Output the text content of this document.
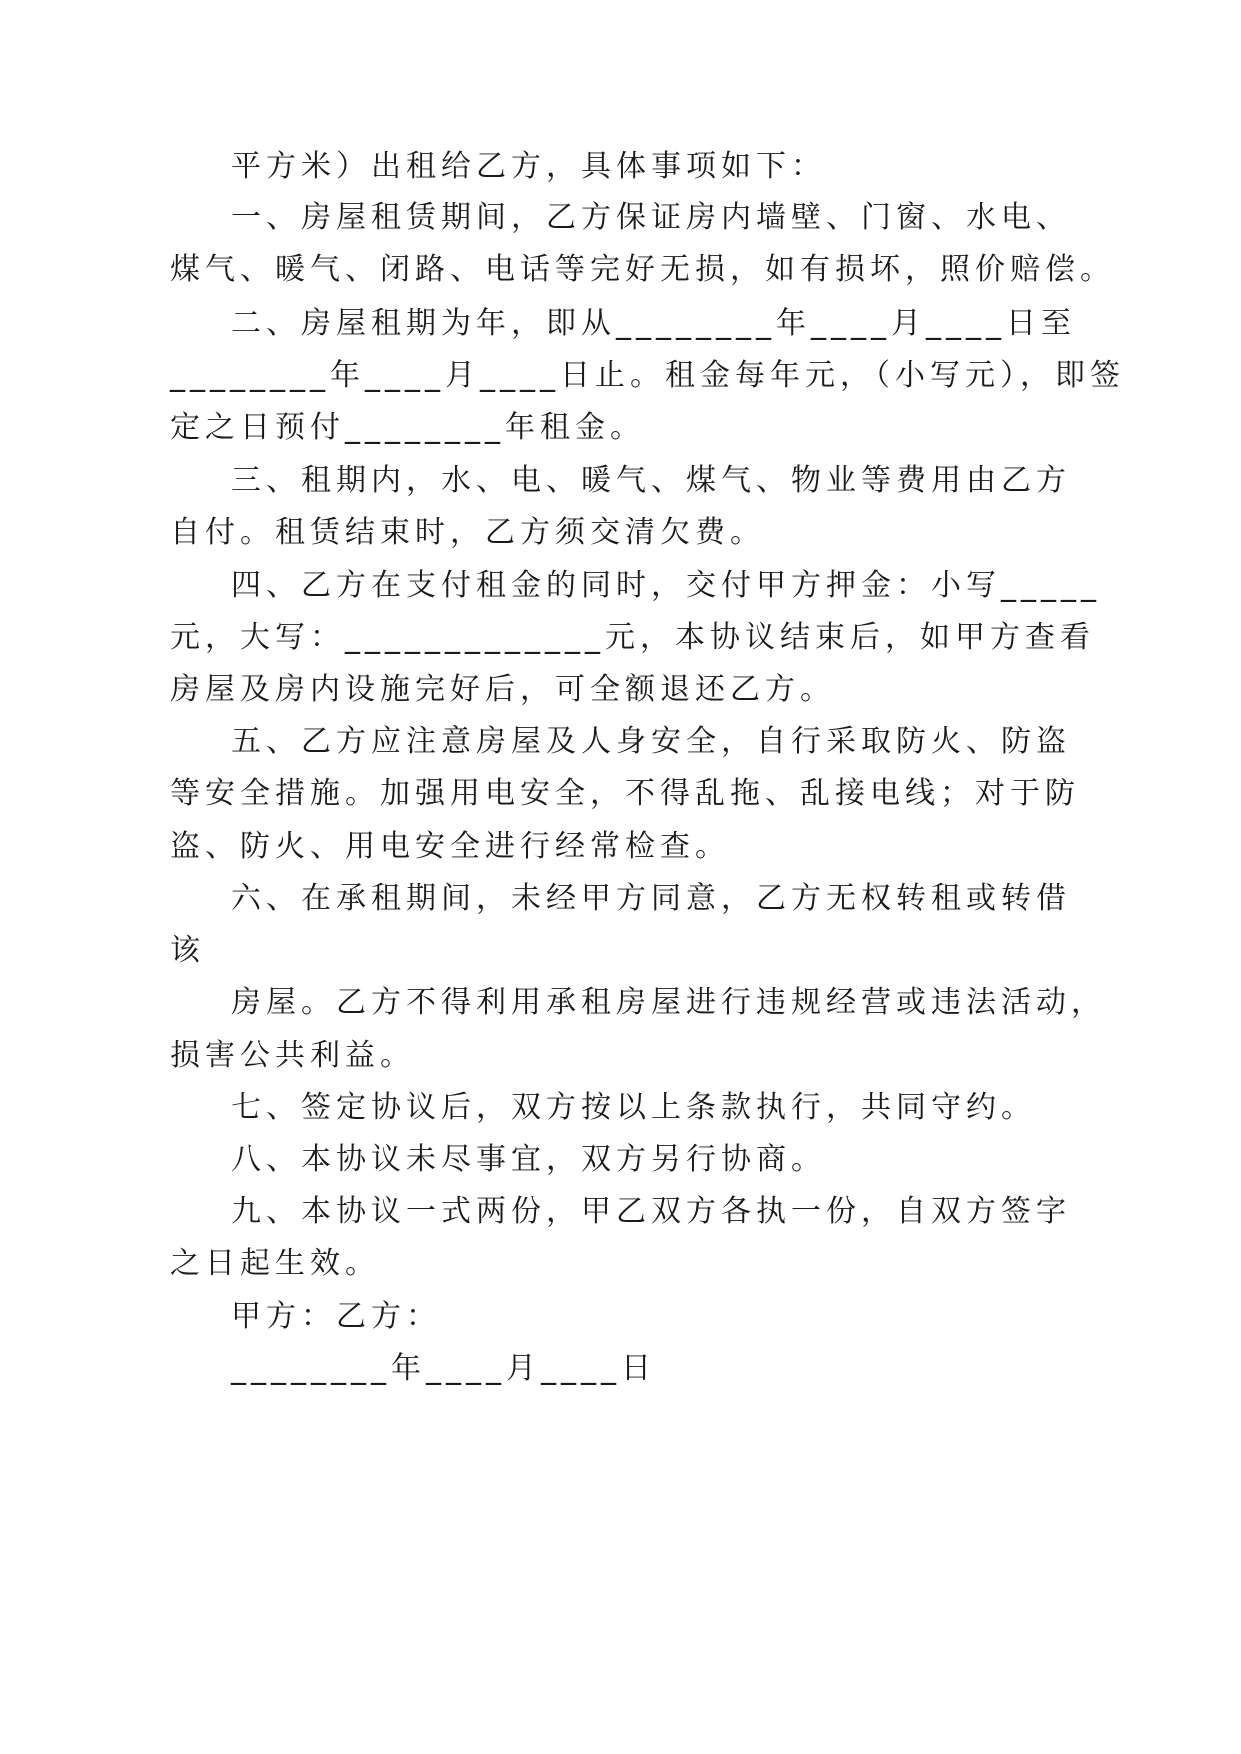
平方米）出租给乙方，具体事项如下：
一、房屋租赁期间，乙方保证房内墙壁、门窗、水电、
煤气、暖气、闭路、电话等完好无损，如有损坏，照价赔偿。
二、房屋租期为年，即从________年____月____日至
________年____月____日止。租金每年元，（小写元），即签
定之日预付________年租金。
三、租期内，水、电、暖气、煤气、物业等费用由乙方
自付。租赁结束时，乙方须交清欠费。
四、乙方在支付租金的同时，交付甲方押金：小写_____
元，大写：_____________元，本协议结束后，如甲方查看
房屋及房内设施完好后，可全额退还乙方。
五、乙方应注意房屋及人身安全，自行采取防火、防盗
等安全措施。加强用电安全，不得乱拖、乱接电线；对于防
盗、防火、用电安全进行经常检查。
六、在承租期间，未经甲方同意，乙方无权转租或转借
该
房屋。乙方不得利用承租房屋进行违规经营或违法活动，
损害公共利益。
七、签定协议后，双方按以上条款执行，共同守约。
八、本协议未尽事宜，双方另行协商。
九、本协议一式两份，甲乙双方各执一份，自双方签字
之日起生效。
甲方：乙方：
________年____月____日
